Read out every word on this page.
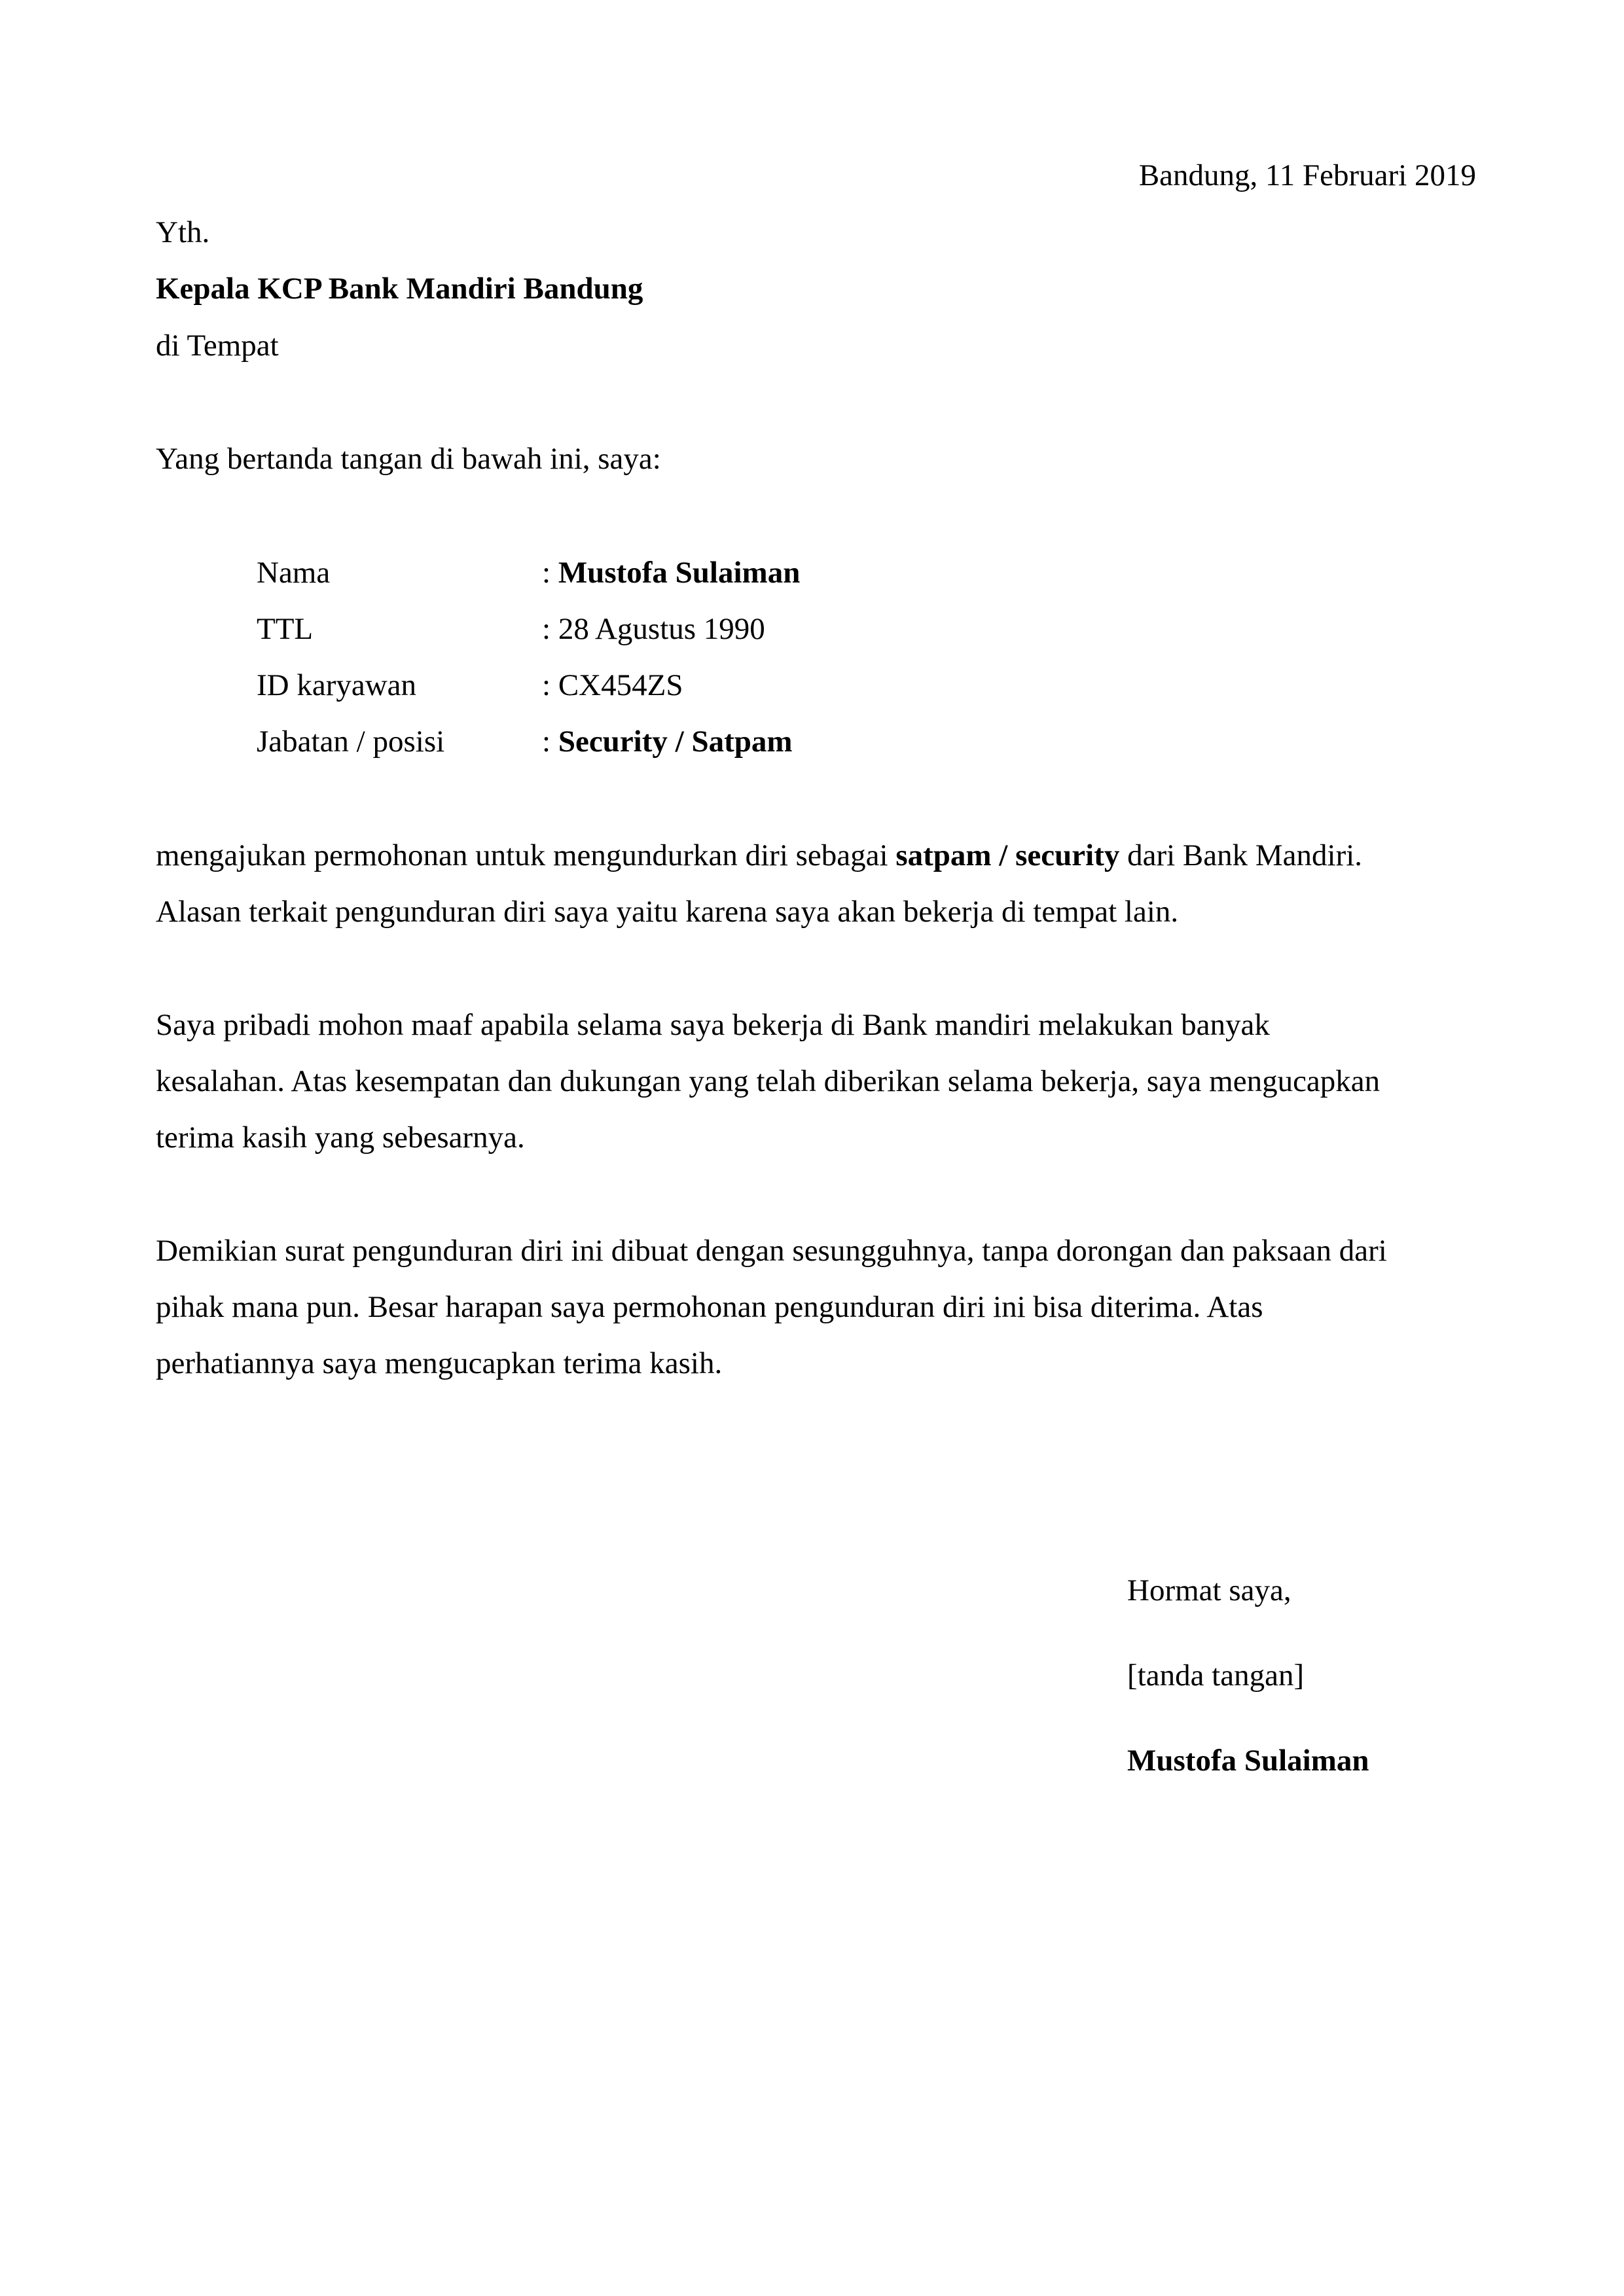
Bandung, 11 Februari 2019
Yth.
Kepala KCP Bank Mandiri Bandung
di Tempat
Yang bertanda tangan di bawah ini, saya:
Nama	: Mustofa Sulaiman
TTL	: 28 Agustus 1990
ID karyawan	: CX454ZS
Jabatan / posisi	: Security / Satpam
mengajukan permohonan untuk mengundurkan diri sebagai satpam / security dari Bank Mandiri.
Alasan terkait pengunduran diri saya yaitu karena saya akan bekerja di tempat lain.
Saya pribadi mohon maaf apabila selama saya bekerja di Bank mandiri melakukan banyak
kesalahan. Atas kesempatan dan dukungan yang telah diberikan selama bekerja, saya mengucapkan
terima kasih yang sebesarnya.
Demikian surat pengunduran diri ini dibuat dengan sesungguhnya, tanpa dorongan dan paksaan dari
pihak mana pun. Besar harapan saya permohonan pengunduran diri ini bisa diterima. Atas
perhatiannya saya mengucapkan terima kasih.
Hormat saya,
[tanda tangan]
Mustofa Sulaiman
